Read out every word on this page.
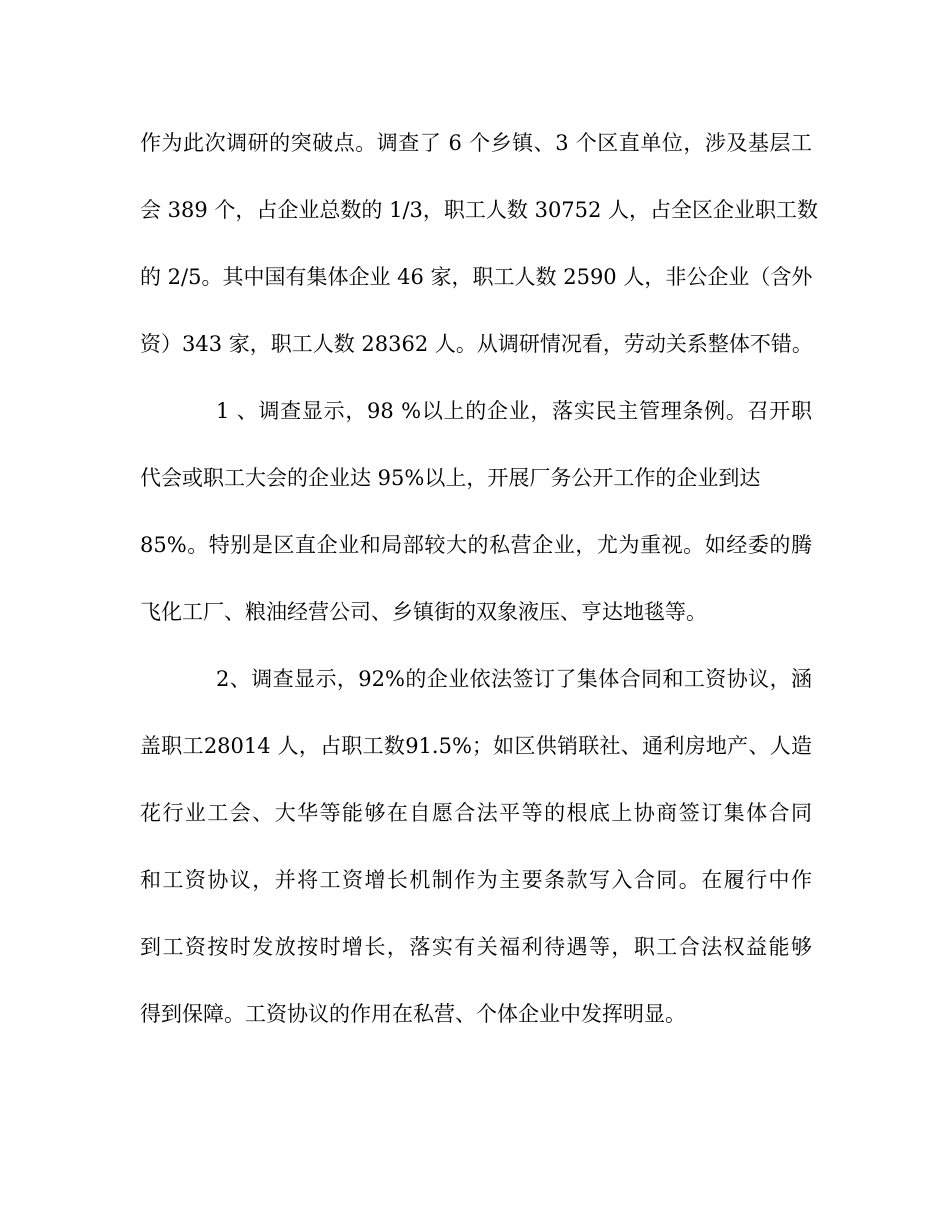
作为此次调研的突破点。调查了 6 个乡镇、3 个区直单位，涉及基层工
会 389 个，占企业总数的 1/3，职工人数 30752 人，占全区企业职工数
的 2/5。其中国有集体企业 46 家，职工人数 2590 人，非公企业（含外
资）343 家，职工人数 28362 人。从调研情况看，劳动关系整体不错。
1 、调查显示，98 %以上的企业，落实民主管理条例。召开职
代会或职工大会的企业达 95%以上，开展厂务公开工作的企业到达
85%。特别是区直企业和局部较大的私营企业，尤为重视。如经委的腾
飞化工厂、粮油经营公司、乡镇街的双象液压、亨达地毯等。
2、调查显示，92%的企业依法签订了集体合同和工资协议，涵
盖职工28014 人，占职工数91.5%；如区供销联社、通利房地产、人造
花行业工会、大华等能够在自愿合法平等的根底上协商签订集体合同
和工资协议，并将工资增长机制作为主要条款写入合同。在履行中作
到工资按时发放按时增长，落实有关福利待遇等，职工合法权益能够
得到保障。工资协议的作用在私营、个体企业中发挥明显。
